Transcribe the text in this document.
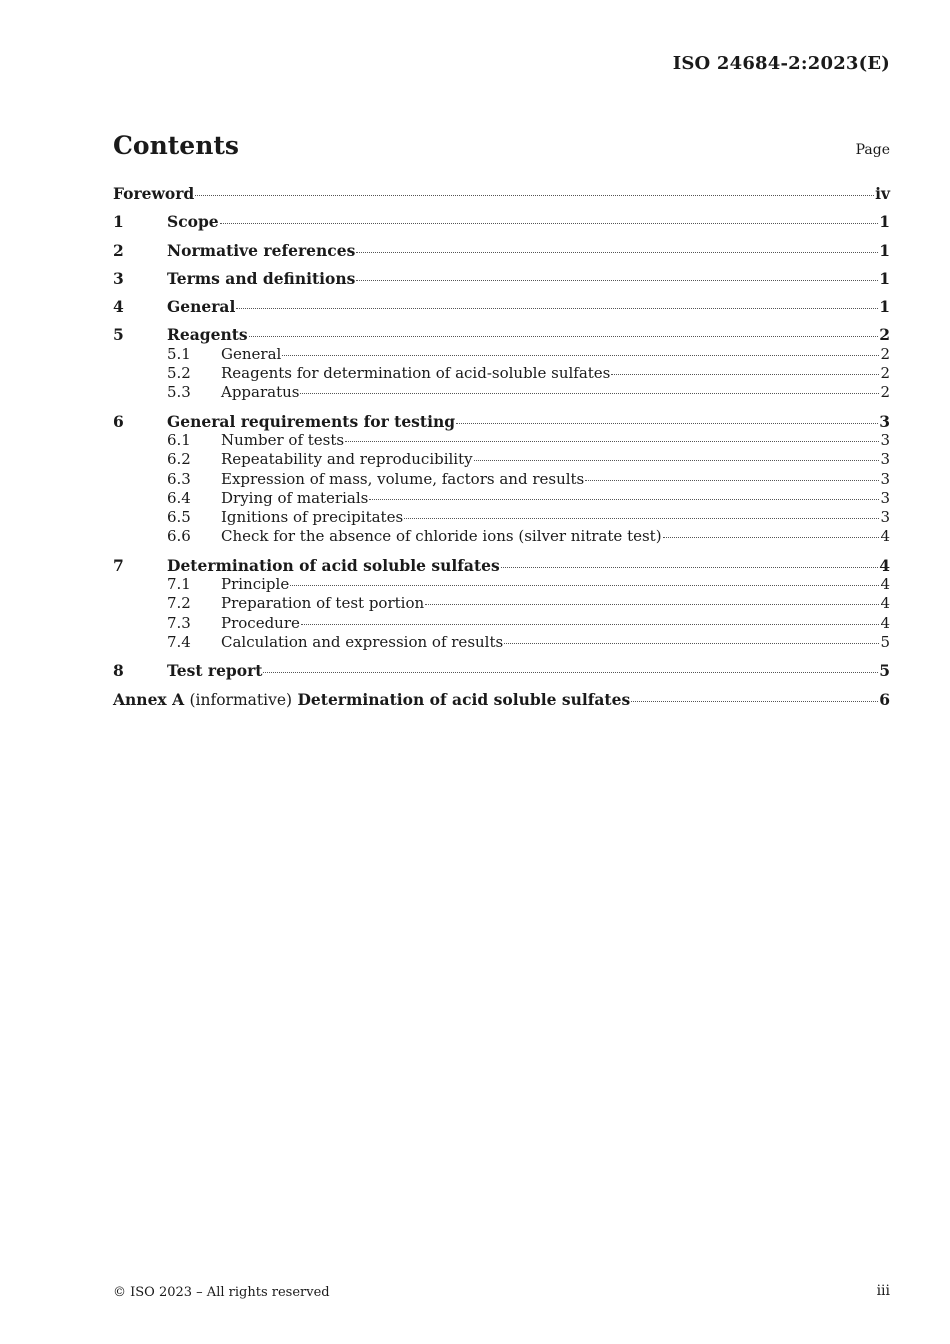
ISO 24684-2:2023(E)
Contents	Page
Foreword	iv
1	Scope	1
2	Normative references	1
3	Terms and definitions	1
4	General	1
5	Reagents	2
5.1	General	2
5.2	Reagents for determination of acid-soluble sulfates	2
5.3	Apparatus	2
6	General requirements for testing	3
6.1	Number of tests	3
6.2	Repeatability and reproducibility	3
6.3	Expression of mass, volume, factors and results	3
6.4	Drying of materials	3
6.5	Ignitions of precipitates	3
6.6	Check for the absence of chloride ions (silver nitrate test)	4
7	Determination of acid soluble sulfates	4
7.1	Principle	4
7.2	Preparation of test portion	4
7.3	Procedure	4
7.4	Calculation and expression of results	5
8	Test report	5
Annex A (informative) Determination of acid soluble sulfates	6
© ISO 2023 – All rights reserved	iii
